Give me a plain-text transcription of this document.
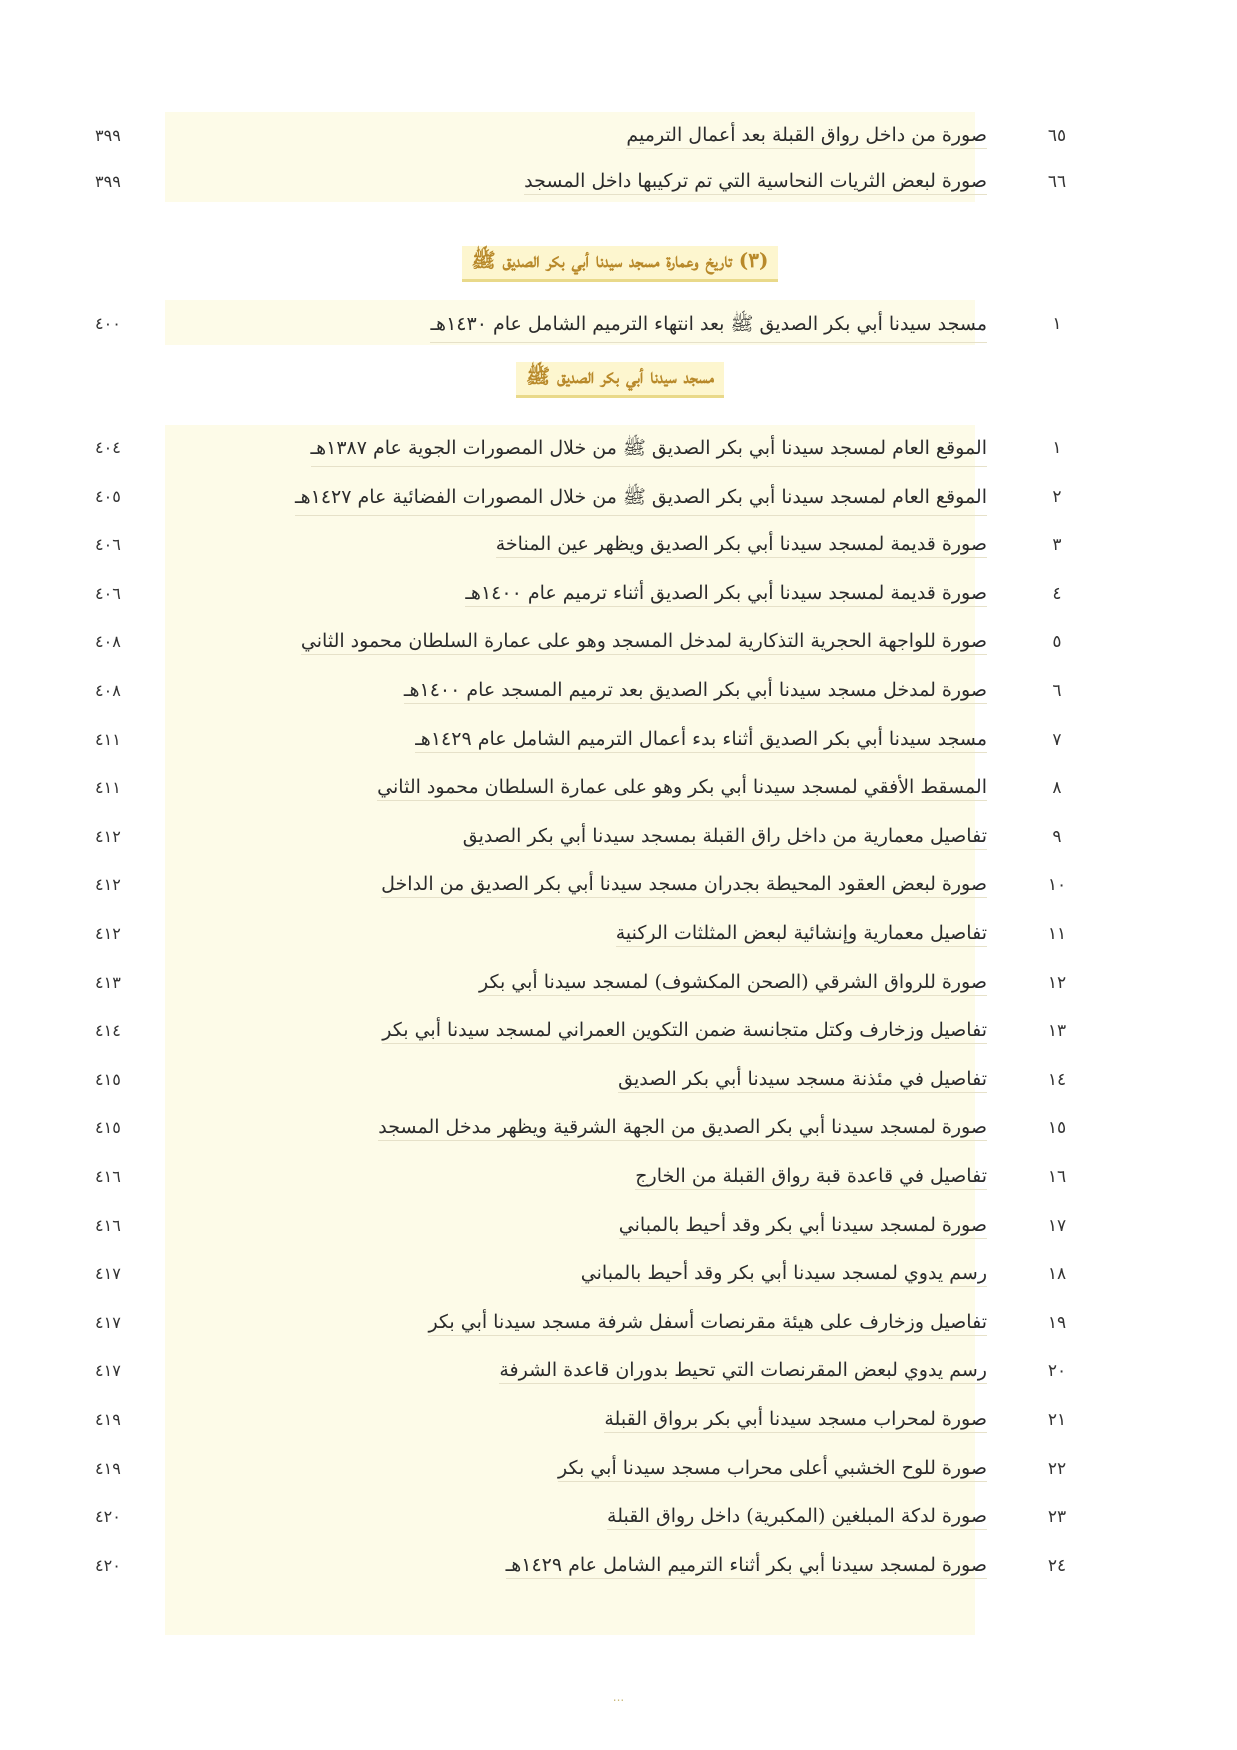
٦٥
صورة من داخل رواق القبلة بعد أعمال الترميم
٣٩٩
٦٦
صورة لبعض الثريات النحاسية التي تم تركيبها داخل المسجد
٣٩٩
(٣) تاريخ وعمارة مسجد سيدنا أبي بكر الصديق ﷺ
١
مسجد سيدنا أبي بكر الصديق ﷺ بعد انتهاء الترميم الشامل عام ١٤٣٠هـ
٤٠٠
مسجد سيدنا أبي بكر الصديق ﷺ
١
الموقع العام لمسجد سيدنا أبي بكر الصديق ﷺ من خلال المصورات الجوية عام ١٣٨٧هـ
٤٠٤
٢
الموقع العام لمسجد سيدنا أبي بكر الصديق ﷺ من خلال المصورات الفضائية عام ١٤٢٧هـ
٤٠٥
٣
صورة قديمة لمسجد سيدنا أبي بكر الصديق ويظهر عين المناخة
٤٠٦
٤
صورة قديمة لمسجد سيدنا أبي بكر الصديق أثناء ترميم عام ١٤٠٠هـ
٤٠٦
٥
صورة للواجهة الحجرية التذكارية لمدخل المسجد وهو على عمارة السلطان محمود الثاني
٤٠٨
٦
صورة لمدخل مسجد سيدنا أبي بكر الصديق بعد ترميم المسجد عام ١٤٠٠هـ
٤٠٨
٧
مسجد سيدنا أبي بكر الصديق أثناء بدء أعمال الترميم الشامل عام ١٤٢٩هـ
٤١١
٨
المسقط الأفقي لمسجد سيدنا أبي بكر وهو على عمارة السلطان محمود الثاني
٤١١
٩
تفاصيل معمارية من داخل راق القبلة بمسجد سيدنا أبي بكر الصديق
٤١٢
١٠
صورة لبعض العقود المحيطة بجدران مسجد سيدنا أبي بكر الصديق من الداخل
٤١٢
١١
تفاصيل معمارية وإنشائية لبعض المثلثات الركنية
٤١٢
١٢
صورة للرواق الشرقي (الصحن المكشوف) لمسجد سيدنا أبي بكر
٤١٣
١٣
تفاصيل وزخارف وكتل متجانسة ضمن التكوين العمراني لمسجد سيدنا أبي بكر
٤١٤
١٤
تفاصيل في مئذنة مسجد سيدنا أبي بكر الصديق
٤١٥
١٥
صورة لمسجد سيدنا أبي بكر الصديق من الجهة الشرقية ويظهر مدخل المسجد
٤١٥
١٦
تفاصيل في قاعدة قبة رواق القبلة من الخارج
٤١٦
١٧
صورة لمسجد سيدنا أبي بكر وقد أحيط بالمباني
٤١٦
١٨
رسم يدوي لمسجد سيدنا أبي بكر وقد أحيط بالمباني
٤١٧
١٩
تفاصيل وزخارف على هيئة مقرنصات أسفل شرفة مسجد سيدنا أبي بكر
٤١٧
٢٠
رسم يدوي لبعض المقرنصات التي تحيط بدوران قاعدة الشرفة
٤١٧
٢١
صورة لمحراب مسجد سيدنا أبي بكر برواق القبلة
٤١٩
٢٢
صورة للوح الخشبي أعلى محراب مسجد سيدنا أبي بكر
٤١٩
٢٣
صورة لدكة المبلغين (المكبرية) داخل رواق القبلة
٤٢٠
٢٤
صورة لمسجد سيدنا أبي بكر أثناء الترميم الشامل عام ١٤٢٩هـ
٤٢٠
...
